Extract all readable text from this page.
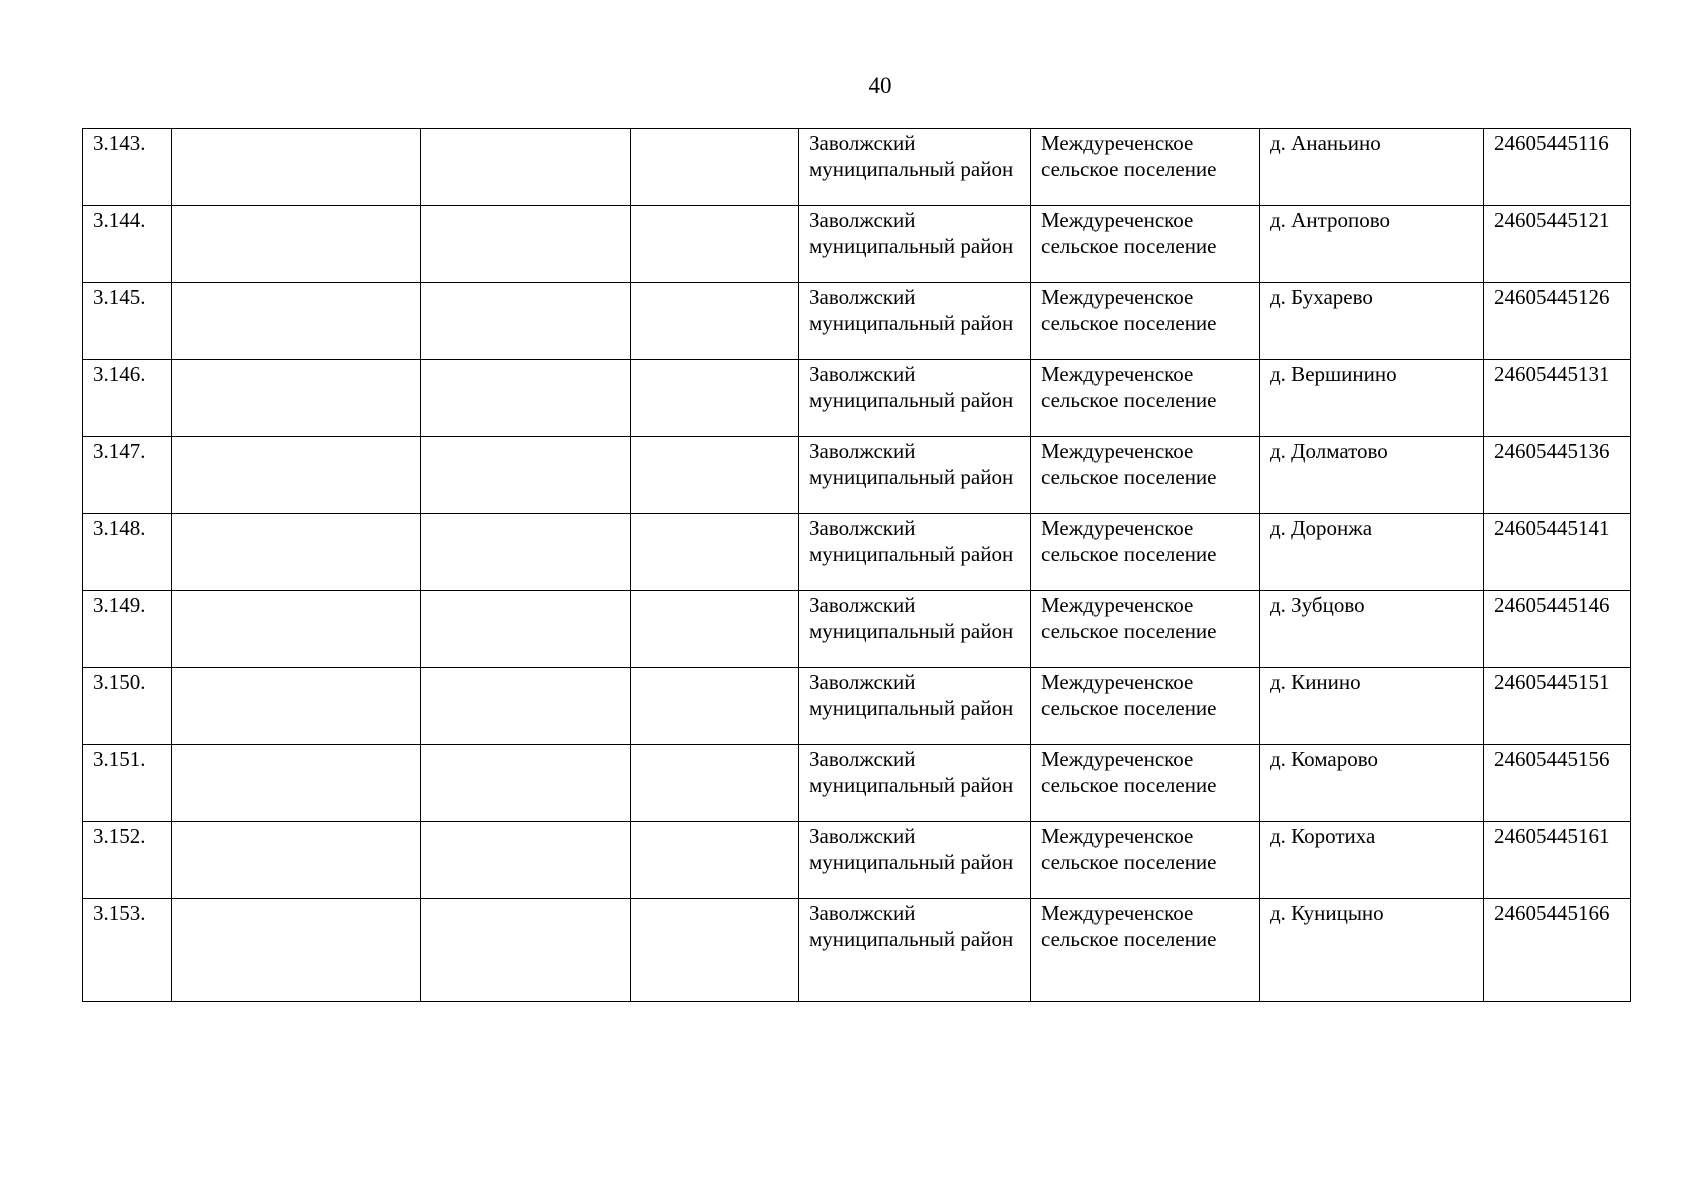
40
3.143.				Заволжский муниципальный район	Междуреченское сельское поселение	д. Ананьино	24605445116
3.144.				Заволжский муниципальный район	Междуреченское сельское поселение	д. Антропово	24605445121
3.145.				Заволжский муниципальный район	Междуреченское сельское поселение	д. Бухарево	24605445126
3.146.				Заволжский муниципальный район	Междуреченское сельское поселение	д. Вершинино	24605445131
3.147.				Заволжский муниципальный район	Междуреченское сельское поселение	д. Долматово	24605445136
3.148.				Заволжский муниципальный район	Междуреченское сельское поселение	д. Доронжа	24605445141
3.149.				Заволжский муниципальный район	Междуреченское сельское поселение	д. Зубцово	24605445146
3.150.				Заволжский муниципальный район	Междуреченское сельское поселение	д. Кинино	24605445151
3.151.				Заволжский муниципальный район	Междуреченское сельское поселение	д. Комарово	24605445156
3.152.				Заволжский муниципальный район	Междуреченское сельское поселение	д. Коротиха	24605445161
3.153.				Заволжский муниципальный район	Междуреченское сельское поселение	д. Куницыно	24605445166
